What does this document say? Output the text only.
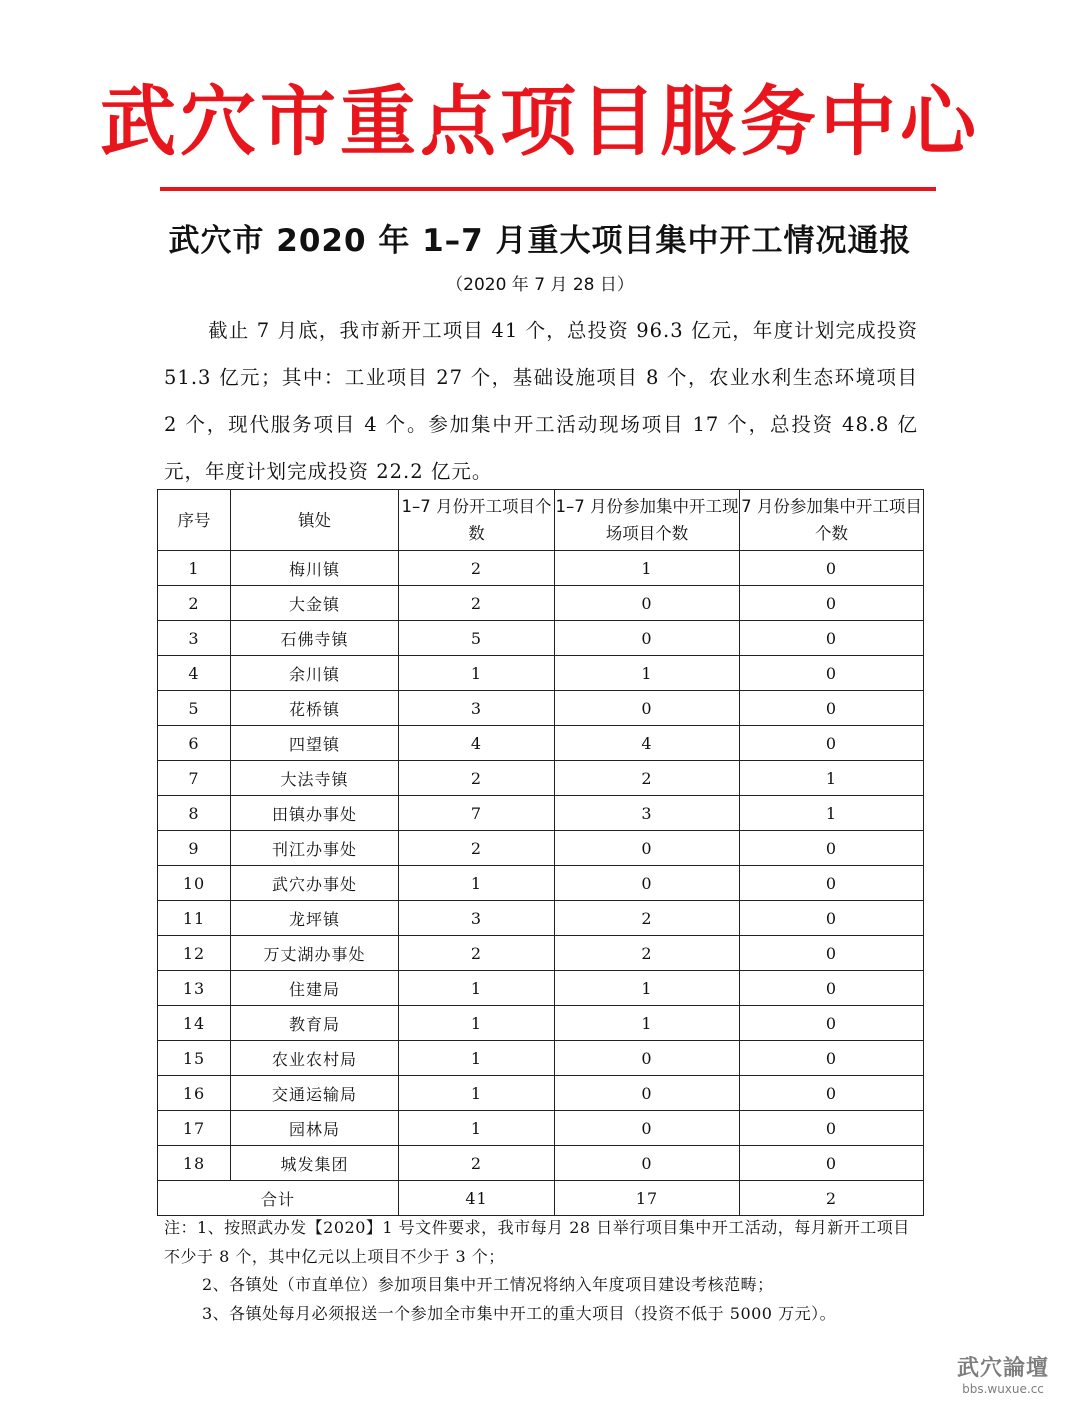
武穴市重点项目服务中心
武穴市 2020 年 1–7 月重大项目集中开工情况通报
（2020 年 7 月 28 日）
截止 7 月底，我市新开工项目 41 个，总投资 96.3 亿元，年度计划完成投资 51.3 亿元；其中：工业项目 27 个，基础设施项目 8 个，农业水利生态环境项目 2 个，现代服务项目 4 个。参加集中开工活动现场项目 17 个，总投资 48.8 亿元，年度计划完成投资 22.2 亿元。
序号	镇处	1–7 月份开工项目个数	1–7 月份参加集中开工现场项目个数	7 月份参加集中开工项目个数
1	梅川镇	2	1	0
2	大金镇	2	0	0
3	石佛寺镇	5	0	0
4	余川镇	1	1	0
5	花桥镇	3	0	0
6	四望镇	4	4	0
7	大法寺镇	2	2	1
8	田镇办事处	7	3	1
9	刊江办事处	2	0	0
10	武穴办事处	1	0	0
11	龙坪镇	3	2	0
12	万丈湖办事处	2	2	0
13	住建局	1	1	0
14	教育局	1	1	0
15	农业农村局	1	0	0
16	交通运输局	1	0	0
17	园林局	1	0	0
18	城发集团	2	0	0
合计		41	17	2

注：1、按照武办发【2020】1 号文件要求，我市每月 28 日举行项目集中开工活动，每月新开工项目不少于 8 个，其中亿元以上项目不少于 3 个；

2、各镇处（市直单位）参加项目集中开工情况将纳入年度项目建设考核范畴；

3、各镇处每月必须报送一个参加全市集中开工的重大项目（投资不低于 5000 万元）。

武穴論壇
bbs.wuxue.cc
